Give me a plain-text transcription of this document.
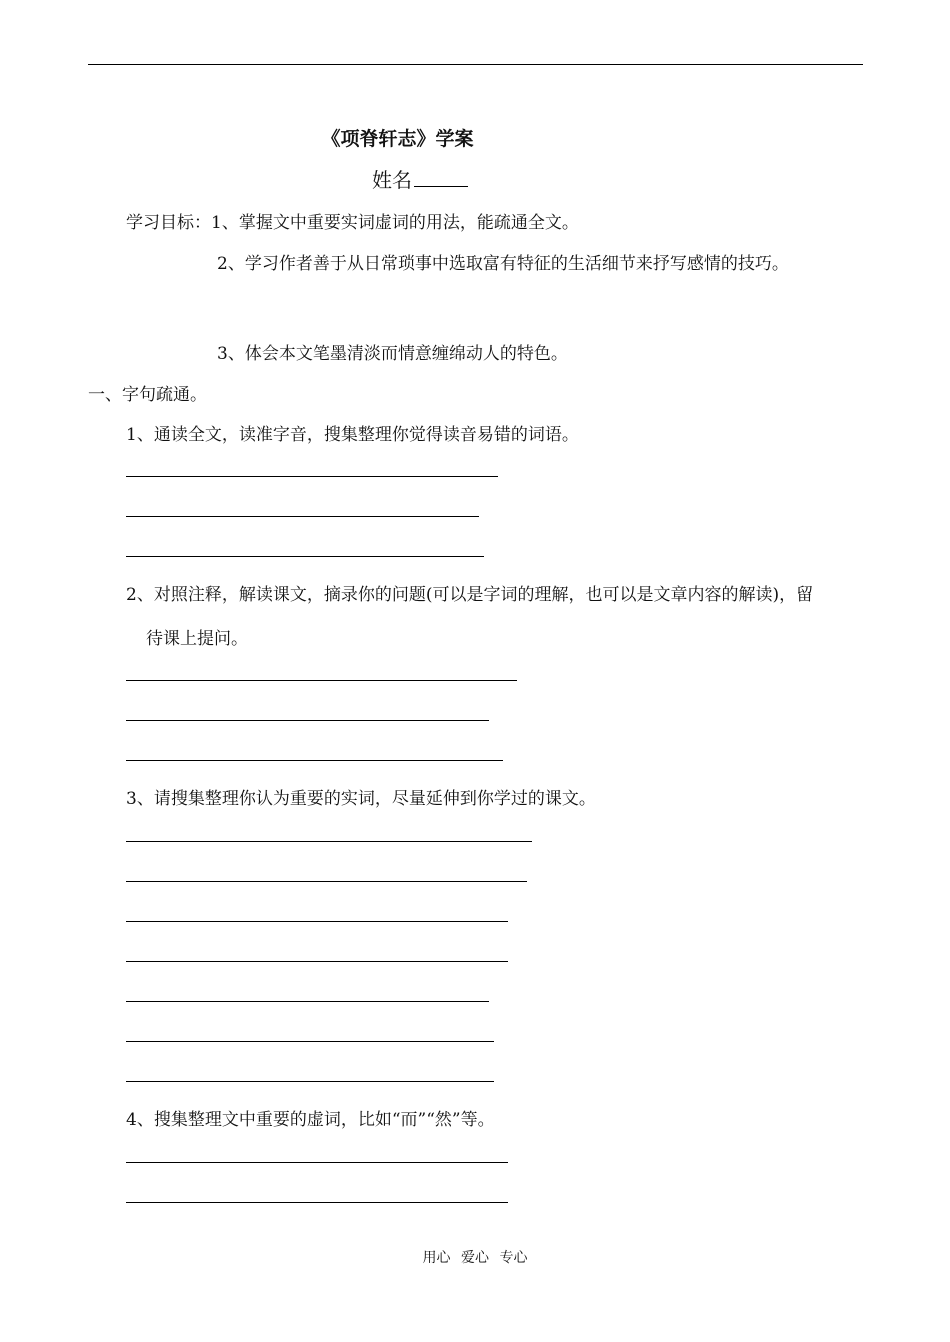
《项脊轩志》学案
姓名
学习目标：1、掌握文中重要实词虚词的用法，能疏通全文。
2、学习作者善于从日常琐事中选取富有特征的生活细节来抒写感情的技巧。
3、体会本文笔墨清淡而情意缠绵动人的特色。
一、字句疏通。
1、通读全文，读准字音，搜集整理你觉得读音易错的词语。
2、对照注释，解读课文，摘录你的问题(可以是字词的理解，也可以是文章内容的解读)，留
待课上提问。
3、请搜集整理你认为重要的实词，尽量延伸到你学过的课文。
4、搜集整理文中重要的虚词，比如“而”“然”等。
用心 爱心 专心
